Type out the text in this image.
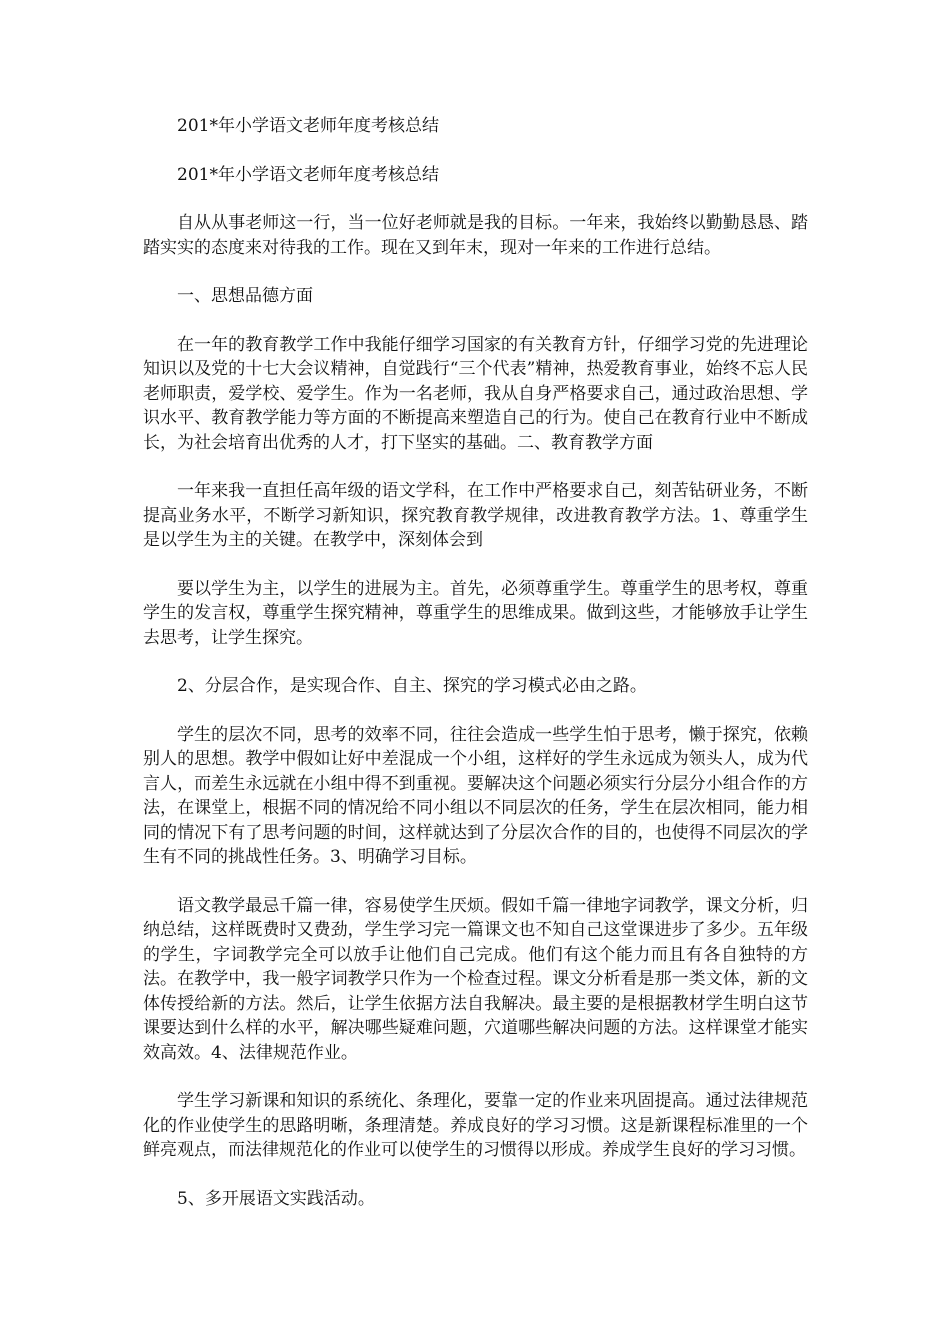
201*年小学语文老师年度考核总结

201*年小学语文老师年度考核总结

自从从事老师这一行，当一位好老师就是我的目标。一年来，我始终以勤勤恳恳、踏踏实实的态度来对待我的工作。现在又到年末，现对一年来的工作进行总结。

一、思想品德方面

在一年的教育教学工作中我能仔细学习国家的有关教育方针，仔细学习党的先进理论知识以及党的十七大会议精神，自觉践行“三个代表”精神，热爱教育事业，始终不忘人民老师职责，爱学校、爱学生。作为一名老师，我从自身严格要求自己，通过政治思想、学识水平、教育教学能力等方面的不断提高来塑造自己的行为。使自己在教育行业中不断成长，为社会培育出优秀的人才，打下坚实的基础。二、教育教学方面

一年来我一直担任高年级的语文学科，在工作中严格要求自己，刻苦钻研业务，不断提高业务水平，不断学习新知识，探究教育教学规律，改进教育教学方法。1、尊重学生是以学生为主的关键。在教学中，深刻体会到

要以学生为主，以学生的进展为主。首先，必须尊重学生。尊重学生的思考权，尊重学生的发言权，尊重学生探究精神，尊重学生的思维成果。做到这些，才能够放手让学生去思考，让学生探究。

2、分层合作，是实现合作、自主、探究的学习模式必由之路。

学生的层次不同，思考的效率不同，往往会造成一些学生怕于思考，懒于探究，依赖别人的思想。教学中假如让好中差混成一个小组，这样好的学生永远成为领头人，成为代言人，而差生永远就在小组中得不到重视。要解决这个问题必须实行分层分小组合作的方法，在课堂上，根据不同的情况给不同小组以不同层次的任务，学生在层次相同，能力相同的情况下有了思考问题的时间，这样就达到了分层次合作的目的，也使得不同层次的学生有不同的挑战性任务。3、明确学习目标。

语文教学最忌千篇一律，容易使学生厌烦。假如千篇一律地字词教学，课文分析，归纳总结，这样既费时又费劲，学生学习完一篇课文也不知自己这堂课进步了多少。五年级的学生，字词教学完全可以放手让他们自己完成。他们有这个能力而且有各自独特的方法。在教学中，我一般字词教学只作为一个检查过程。课文分析看是那一类文体，新的文体传授给新的方法。然后，让学生依据方法自我解决。最主要的是根据教材学生明白这节课要达到什么样的水平，解决哪些疑难问题，穴道哪些解决问题的方法。这样课堂才能实效高效。4、法律规范作业。

学生学习新课和知识的系统化、条理化，要靠一定的作业来巩固提高。通过法律规范化的作业使学生的思路明晰，条理清楚。养成良好的学习习惯。这是新课程标准里的一个鲜亮观点，而法律规范化的作业可以使学生的习惯得以形成。养成学生良好的学习习惯。

5、多开展语文实践活动。
